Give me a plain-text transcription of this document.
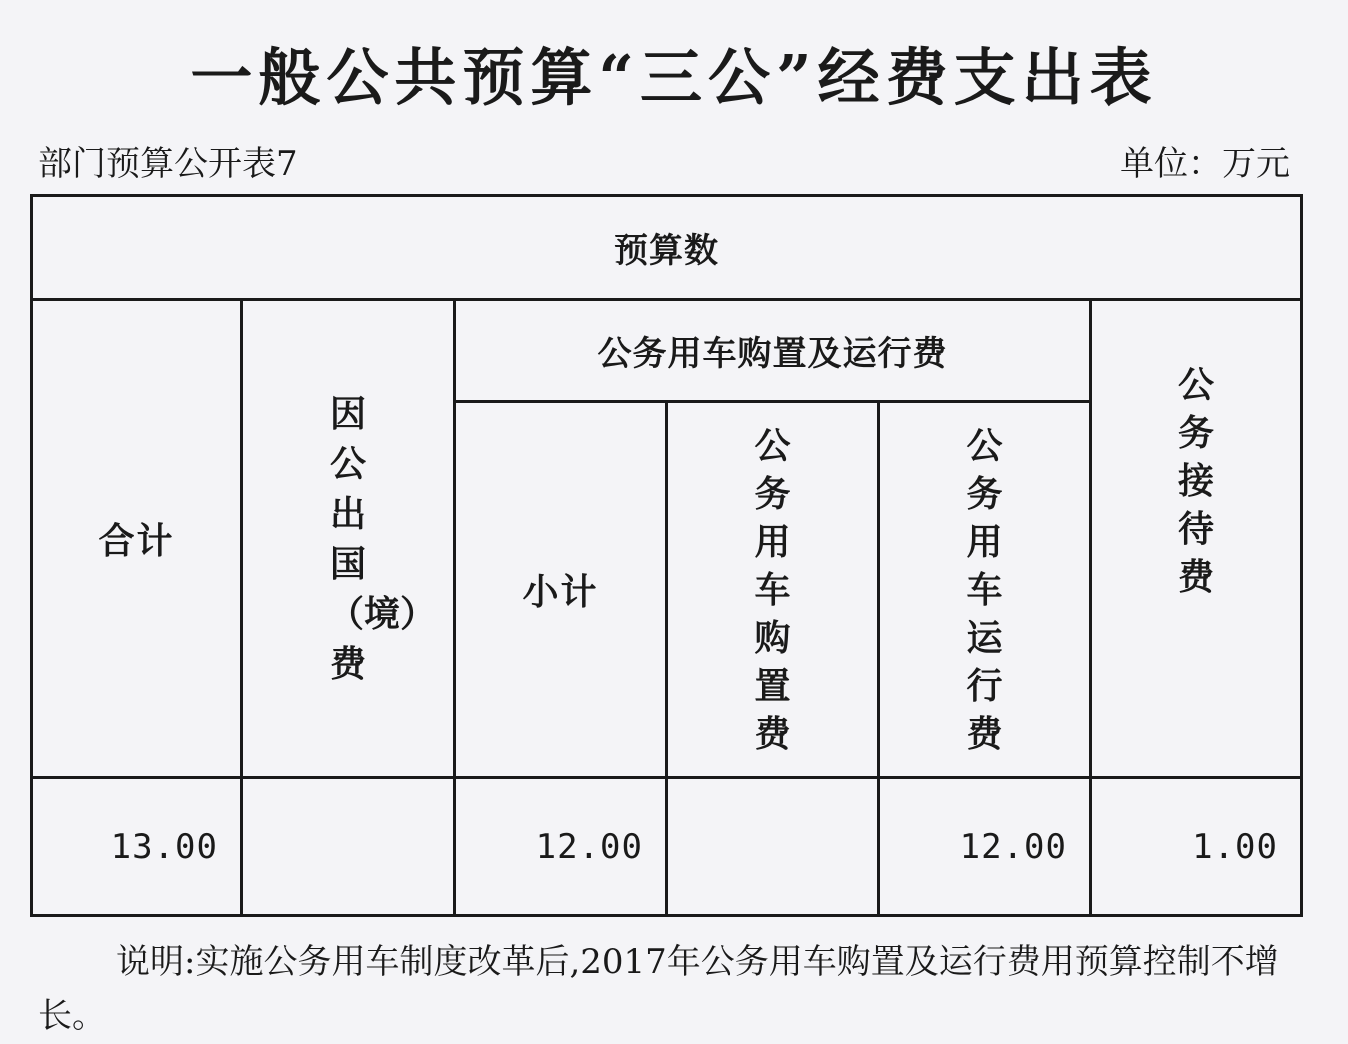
一般公共预算“三公”经费支出表
部门预算公开表7	单位：万元
预算数					
合计	因公出国（境）费	公务用车购置及运行费			公务接待费
		小计	公务用车购置费	公务用车运行费	
13.00		12.00		12.00	1.00
说明:实施公务用车制度改革后,2017年公务用车购置及运行费用预算控制不增长。
